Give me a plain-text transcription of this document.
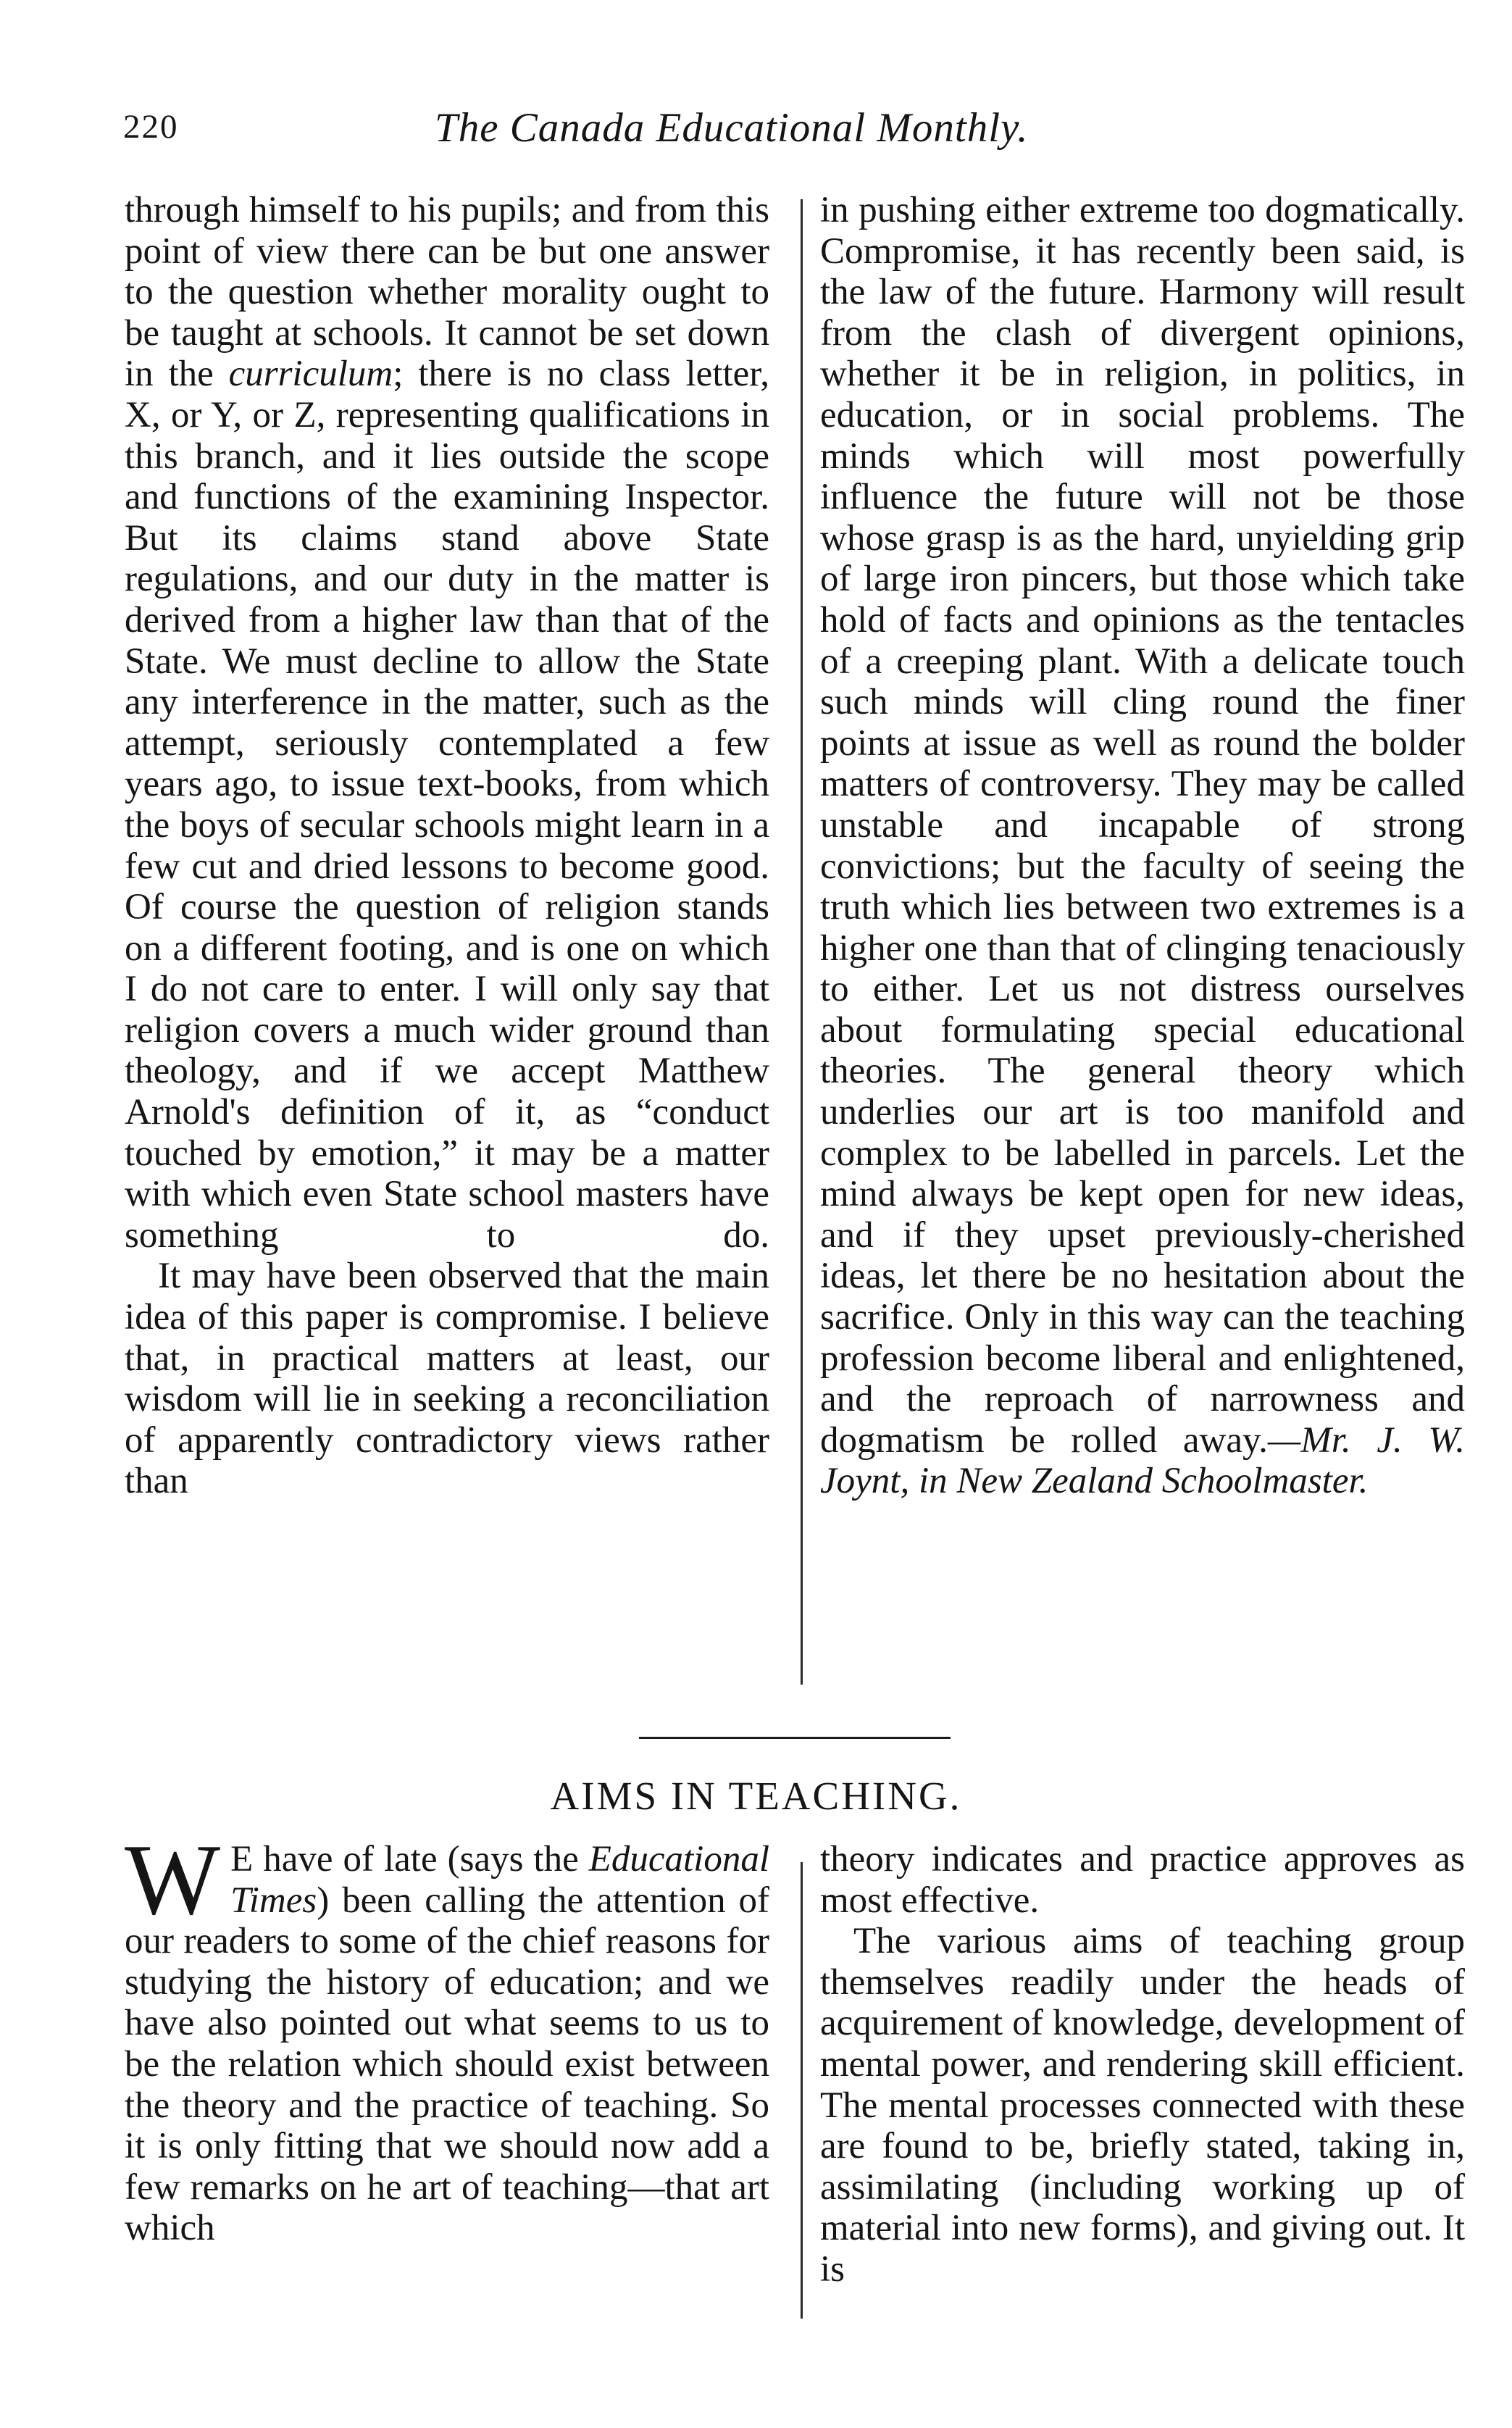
220	The Canada Educational Monthly.

through himself to his pupils; and from this point of view there can be but one answer to the question whether morality ought to be taught at schools. It cannot be set down in the curriculum; there is no class letter, X, or Y, or Z, representing qualifications in this branch, and it lies outside the scope and functions of the examining Inspector. But its claims stand above State regulations, and our duty in the matter is derived from a higher law than that of the State. We must decline to allow the State any interference in the matter, such as the attempt, seriously contemplated a few years ago, to issue text-books, from which the boys of secular schools might learn in a few cut and dried lessons to become good. Of course the question of religion stands on a different footing, and is one on which I do not care to enter. I will only say that religion covers a much wider ground than theology, and if we accept Matthew Arnold's definition of it, as “conduct touched by emotion,” it may be a matter with which even State school masters have something to do.

It may have been observed that the main idea of this paper is compromise. I believe that, in practical matters at least, our wisdom will lie in seeking a reconciliation of apparently contradictory views rather than

in pushing either extreme too dogmatically. Compromise, it has recently been said, is the law of the future. Harmony will result from the clash of divergent opinions, whether it be in religion, in politics, in education, or in social problems. The minds which will most powerfully influence the future will not be those whose grasp is as the hard, unyielding grip of large iron pincers, but those which take hold of facts and opinions as the tentacles of a creeping plant. With a delicate touch such minds will cling round the finer points at issue as well as round the bolder matters of controversy. They may be called unstable and incapable of strong convictions; but the faculty of seeing the truth which lies between two extremes is a higher one than that of clinging tenaciously to either. Let us not distress ourselves about formulating special educational theories. The general theory which underlies our art is too manifold and complex to be labelled in parcels. Let the mind always be kept open for new ideas, and if they upset previously-cherished ideas, let there be no hesitation about the sacrifice. Only in this way can the teaching profession become liberal and enlightened, and the reproach of narrowness and dogmatism be rolled away.—Mr. J. W. Joynt, in New Zealand Schoolmaster.

AIMS IN TEACHING.

W E have of late (says the Educational Times) been calling the attention of our readers to some of the chief reasons for studying the history of education; and we have also pointed out what seems to us to be the relation which should exist between the theory and the practice of teaching. So it is only fitting that we should now add a few remarks on he art of teaching—that art which

theory indicates and practice approves as most effective.

The various aims of teaching group themselves readily under the heads of acquirement of knowledge, development of mental power, and rendering skill efficient. The mental processes connected with these are found to be, briefly stated, taking in, assimilating (including working up of material into new forms), and giving out. It is
